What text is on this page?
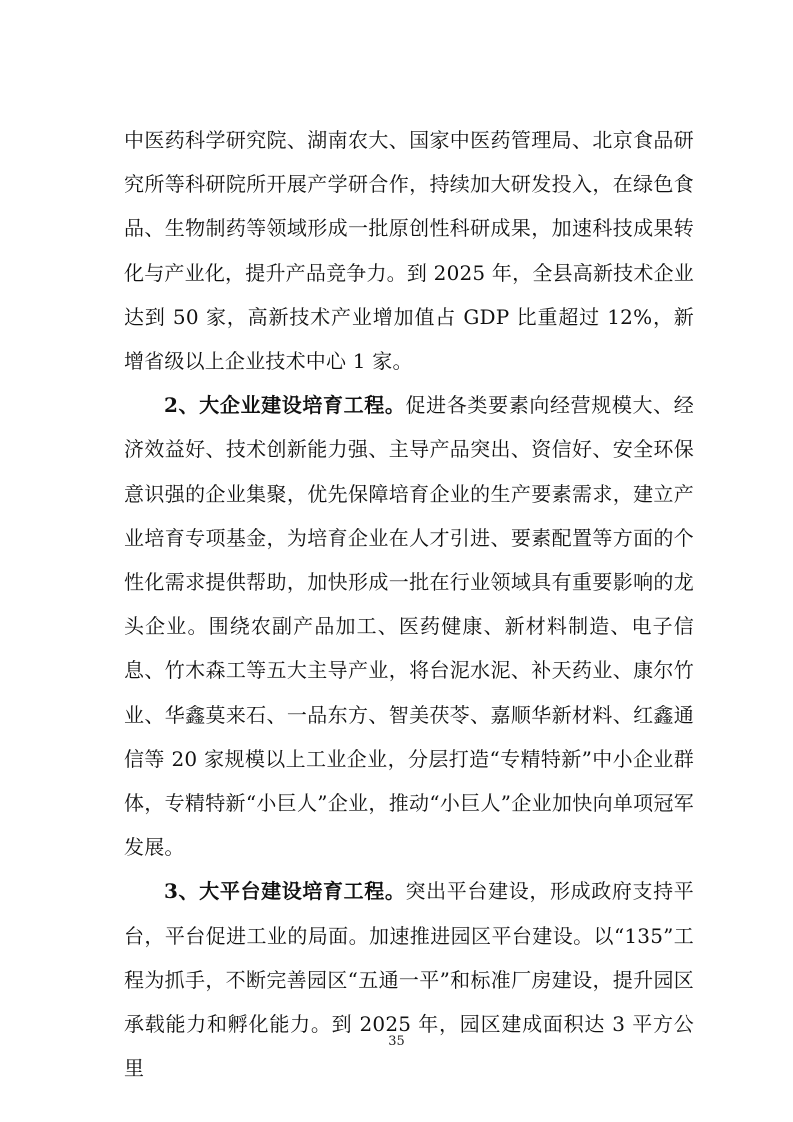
中医药科学研究院、湖南农大、国家中医药管理局、北京食品研究所等科研院所开展产学研合作，持续加大研发投入，在绿色食品、生物制药等领域形成一批原创性科研成果，加速科技成果转化与产业化，提升产品竞争力。到 2025 年，全县高新技术企业达到 50 家，高新技术产业增加值占 GDP 比重超过 12%，新增省级以上企业技术中心 1 家。

2、大企业建设培育工程。促进各类要素向经营规模大、经济效益好、技术创新能力强、主导产品突出、资信好、安全环保意识强的企业集聚，优先保障培育企业的生产要素需求，建立产业培育专项基金，为培育企业在人才引进、要素配置等方面的个性化需求提供帮助，加快形成一批在行业领域具有重要影响的龙头企业。围绕农副产品加工、医药健康、新材料制造、电子信息、竹木森工等五大主导产业，将台泥水泥、补天药业、康尔竹业、华鑫莫来石、一品东方、智美茯苓、嘉顺华新材料、红鑫通信等 20 家规模以上工业企业，分层打造“专精特新”中小企业群体，专精特新“小巨人”企业，推动“小巨人”企业加快向单项冠军发展。

3、大平台建设培育工程。突出平台建设，形成政府支持平台，平台促进工业的局面。加速推进园区平台建设。以“135”工程为抓手，不断完善园区“五通一平”和标准厂房建设，提升园区承载能力和孵化能力。到 2025 年，园区建成面积达 3 平方公里

35
